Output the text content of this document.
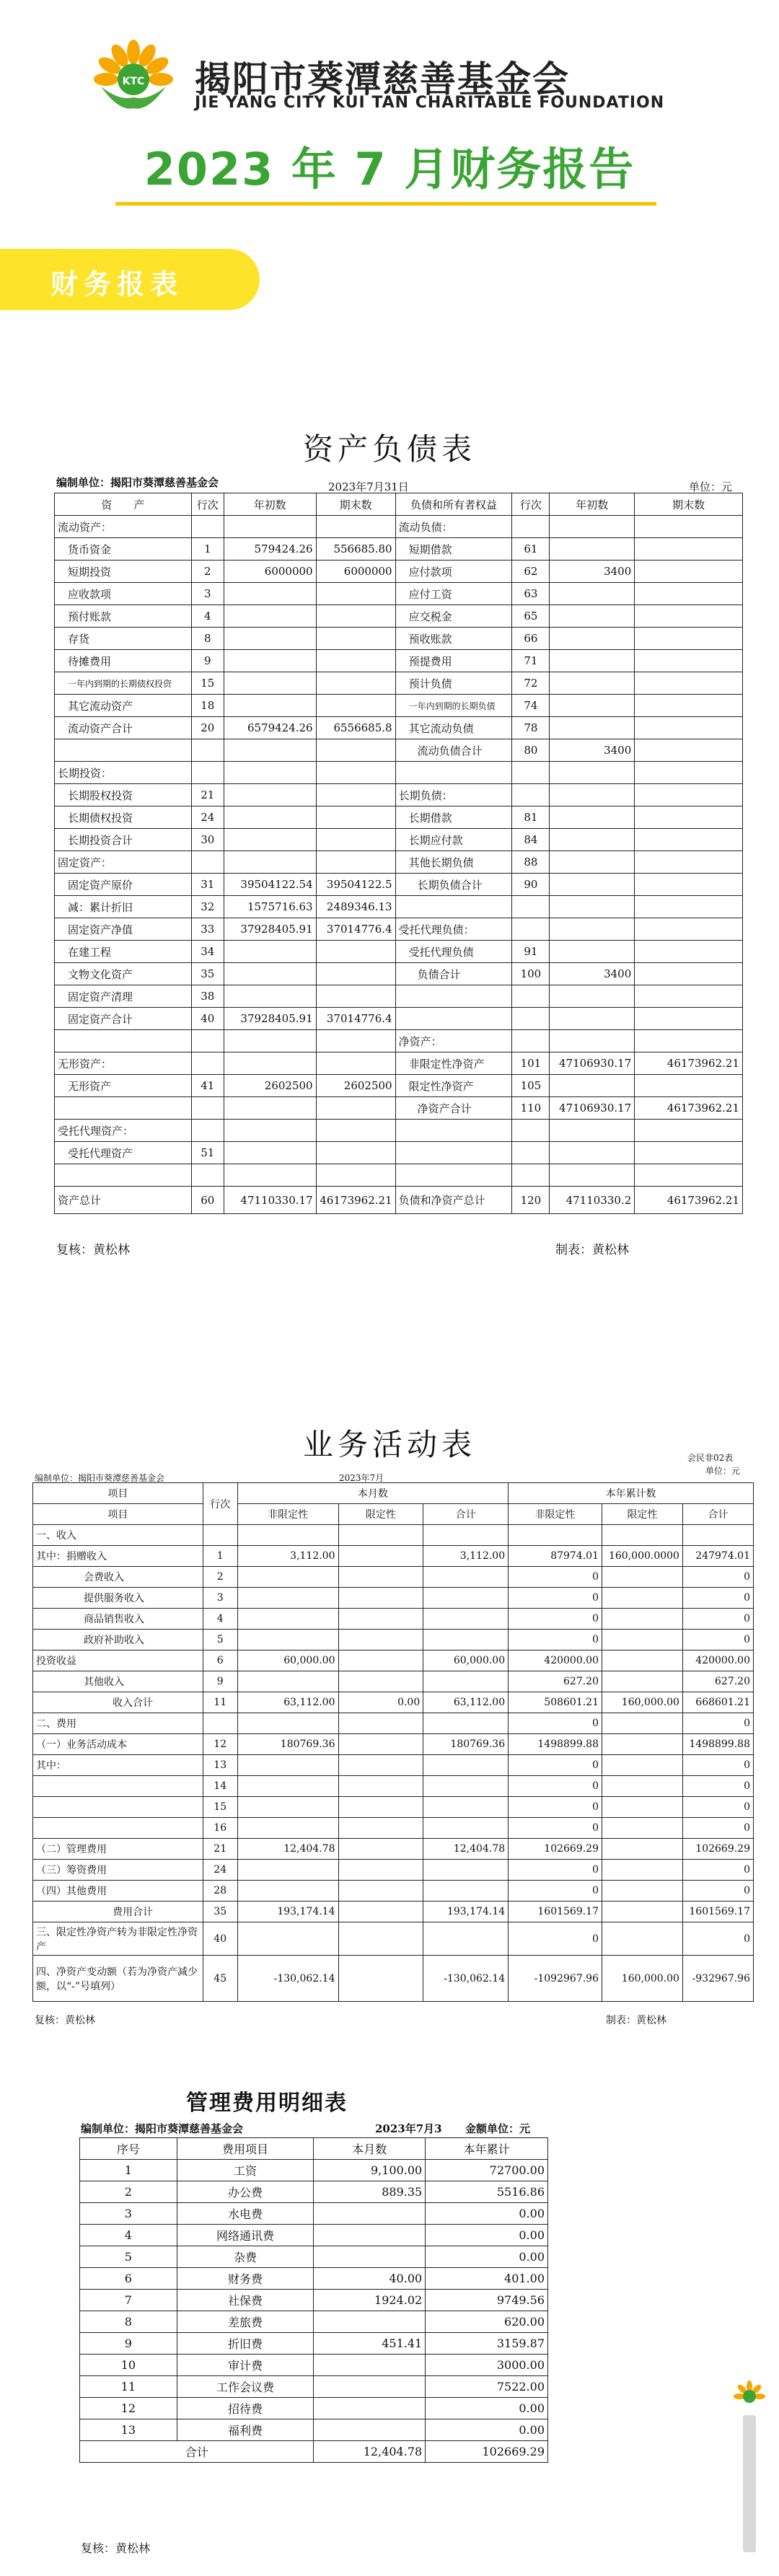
KTC 揭阳市葵潭慈善基金会
JIE YANG CITY KUI TAN CHARITABLE FOUNDATION
2023 年 7 月财务报告
财务报表
资产负债表
编制单位：揭阳市葵潭慈善基金会	2023年7月31日	单位：元
资　　产	行次	年初数	期末数	负债和所有者权益	行次	年初数	期末数
流动资产：				流动负债：			
货币资金	1	579424.26	556685.80	短期借款	61		
短期投资	2	6000000	6000000	应付款项	62	3400	
应收款项	3			应付工资	63		
预付账款	4			应交税金	65		
存货	8			预收账款	66		
待摊费用	9			预提费用	71		
一年内到期的长期债权投资	15			预计负债	72		
其它流动资产	18			一年内到期的长期负债	74		
流动资产合计	20	6579424.26	6556685.8	其它流动负债	78		
				流动负债合计	80	3400	
长期投资：							
长期股权投资	21			长期负债：			
长期债权投资	24			长期借款	81		
长期投资合计	30			长期应付款	84		
固定资产：				其他长期负债	88		
固定资产原价	31	39504122.54	39504122.5	长期负债合计	90		
减：累计折旧	32	1575716.63	2489346.13				
固定资产净值	33	37928405.91	37014776.4	受托代理负债：			
在建工程	34			受托代理负债	91		
文物文化资产	35			负债合计	100	3400	
固定资产清理	38						
固定资产合计	40	37928405.91	37014776.4				
				净资产：			
无形资产：				非限定性净资产	101	47106930.17	46173962.21
无形资产	41	2602500	2602500	限定性净资产	105		
				净资产合计	110	47106930.17	46173962.21
受托代理资产：							
受托代理资产	51						

资产总计	60	47110330.17	46173962.21	负债和净资产总计	120	47110330.2	46173962.21
复核：黄松林	制表：黄松林
业务活动表	会民非02表
单位：元
编制单位：揭阳市葵潭慈善基金会	2023年7月
项目	行次	本月数			本年累计数		
项目		非限定性	限定性	合计	非限定性	限定性	合计
一、收入							
其中：捐赠收入	1	3,112.00		3,112.00	87974.01	160,000.0000	247974.01
会费收入	2				0		0
提供服务收入	3				0		0
商品销售收入	4				0		0
政府补助收入	5				0		0
投资收益	6	60,000.00		60,000.00	420000.00		420000.00
其他收入	9				627.20		627.20
收入合计	11	63,112.00	0.00	63,112.00	508601.21	160,000.00	668601.21
二、费用					0		0
（一）业务活动成本	12	180769.36		180769.36	1498899.88		1498899.88
其中：	13				0		0
	14				0		0
	15				0		0
	16				0		0
（二）管理费用	21	12,404.78		12,404.78	102669.29		102669.29
（三）筹资费用	24				0		0
（四）其他费用	28				0		0
费用合计	35	193,174.14		193,174.14	1601569.17		1601569.17
三、限定性净资产转为非限定性净资产	40				0		0
四、净资产变动额（若为净资产减少额，以“-”号填列）	45	-130,062.14		-130,062.14	-1092967.96	160,000.00	-932967.96
复核：黄松林	制表：黄松林
管理费用明细表
编制单位：揭阳市葵潭慈善基金会	2023年7月3 金额单位：元
序号	费用项目	本月数	本年累计
1	工资	9,100.00	72700.00
2	办公费	889.35	5516.86
3	水电费		0.00
4	网络通讯费		0.00
5	杂费		0.00
6	财务费	40.00	401.00
7	社保费	1924.02	9749.56
8	差旅费		620.00
9	折旧费	451.41	3159.87
10	审计费		3000.00
11	工作会议费		7522.00
12	招待费		0.00
13	福利费		0.00
合计		12,404.78	102669.29
复核：黄松林
